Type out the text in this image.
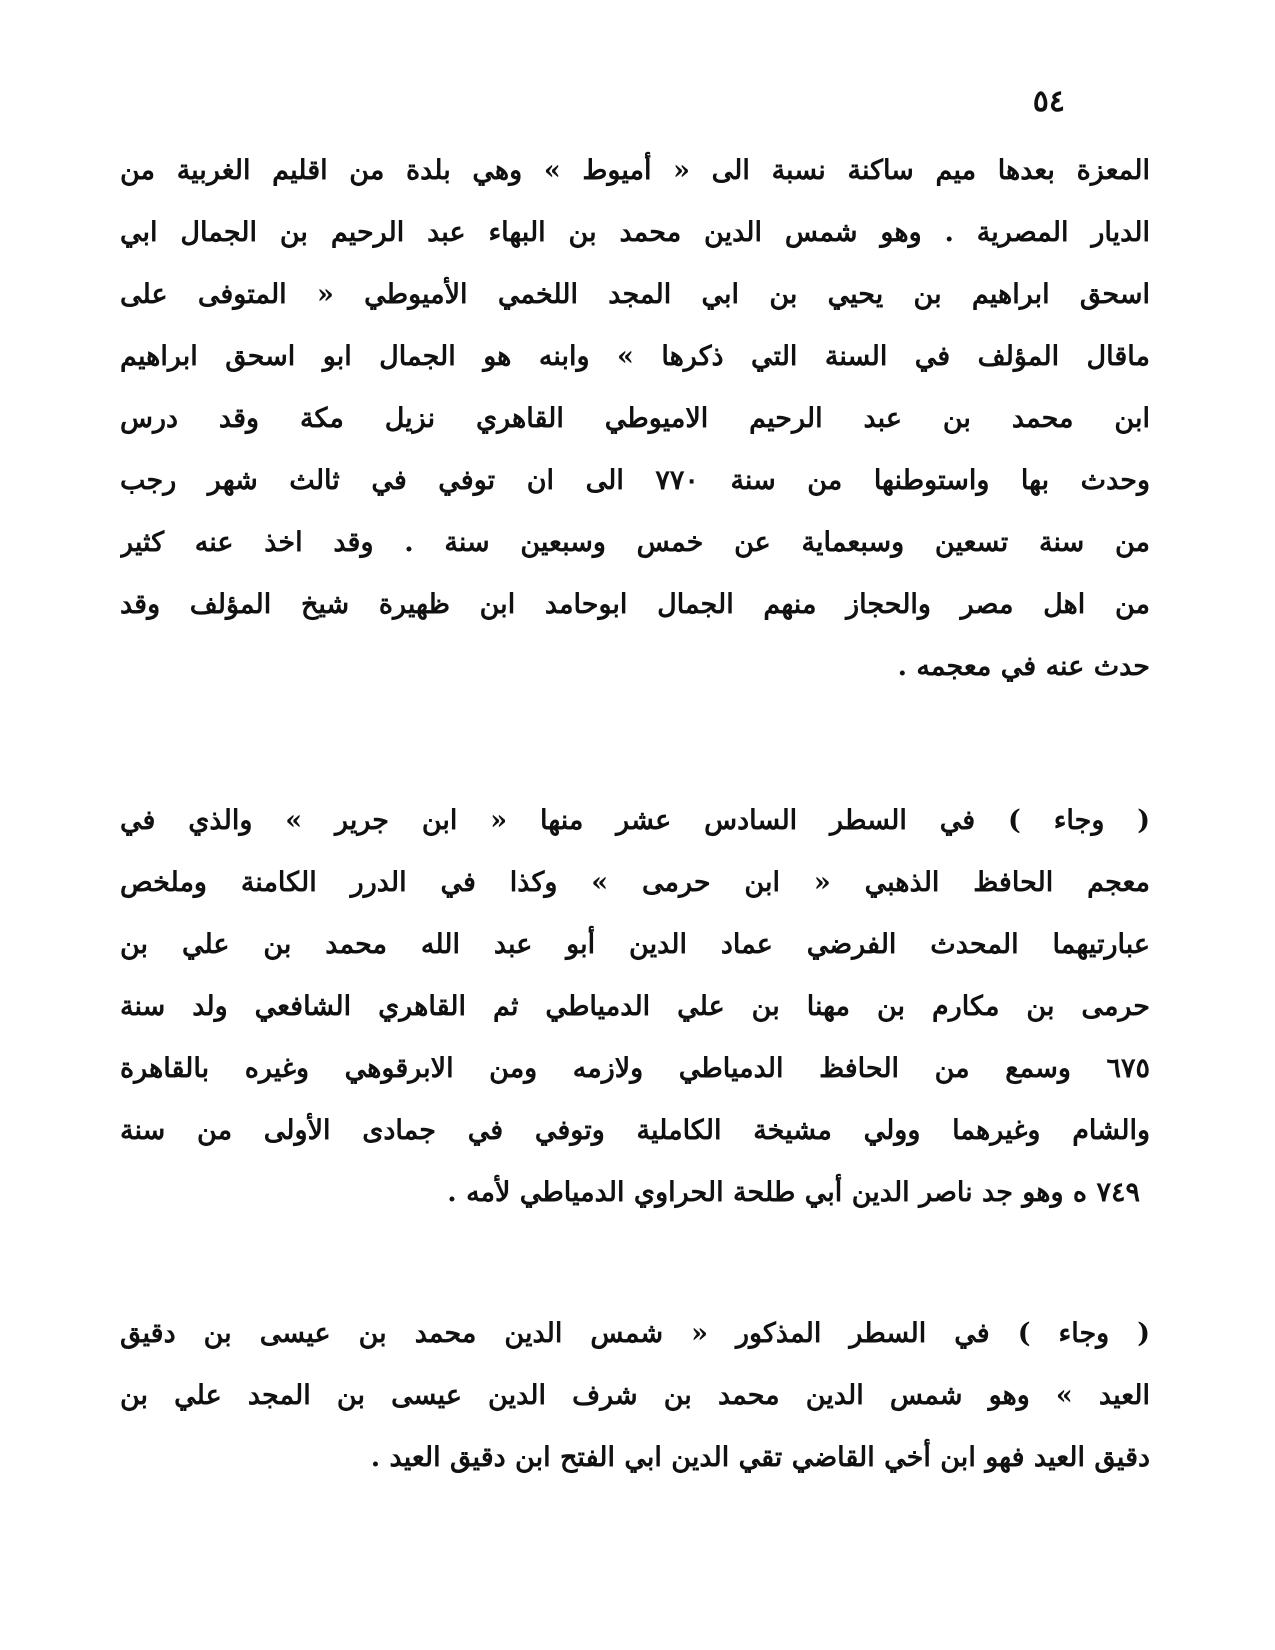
٥٤
المعزة بعدها ميم ساكنة نسبة الى « أميوط » وهي بلدة من اقليم الغربية من
الديار المصرية . وهو شمس الدين محمد بن البهاء عبد الرحيم بن الجمال ابي
اسحق ابراهيم بن يحيي بن ابي المجد اللخمي الأميوطي « المتوفى على
ماقال المؤلف في السنة التي ذكرها » وابنه هو الجمال ابو اسحق ابراهيم
ابن محمد بن عبد الرحيم الاميوطي القاهري نزيل مكة وقد درس
وحدث بها واستوطنها من سنة ٧٧٠ الى ان توفي في ثالث شهر رجب
من سنة تسعين وسبعماية عن خمس وسبعين سنة . وقد اخذ عنه كثير
من اهل مصر والحجاز منهم الجمال ابوحامد ابن ظهيرة شيخ المؤلف وقد
حدث عنه في معجمه .
( وجاء ) في السطر السادس عشر منها « ابن جرير » والذي في
معجم الحافظ الذهبي « ابن حرمى » وكذا في الدرر الكامنة وملخص
عبارتيهما المحدث الفرضي عماد الدين أبو عبد الله محمد بن علي بن
حرمى بن مكارم بن مهنا بن علي الدمياطي ثم القاهري الشافعي ولد سنة
٦٧٥ وسمع من الحافظ الدمياطي ولازمه ومن الابرقوهي وغيره بالقاهرة
والشام وغيرهما وولي مشيخة الكاملية وتوفي في جمادى الأولى من سنة
٧٤٩ ه وهو جد ناصر الدين أبي طلحة الحراوي الدمياطي لأمه .
( وجاء ) في السطر المذكور « شمس الدين محمد بن عيسى بن دقيق
العيد » وهو شمس الدين محمد بن شرف الدين عيسى بن المجد علي بن
دقيق العيد فهو ابن أخي القاضي تقي الدين ابي الفتح ابن دقيق العيد .
